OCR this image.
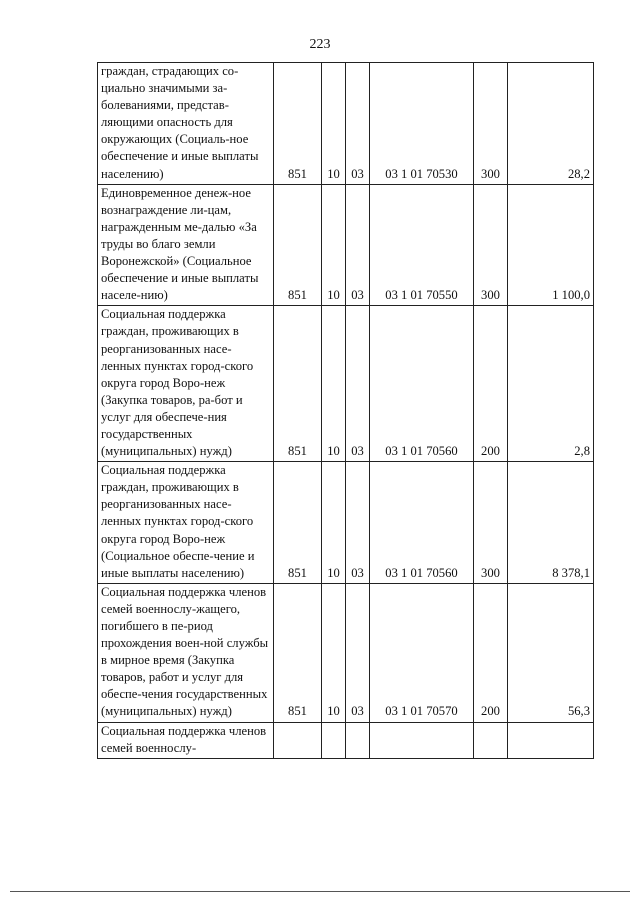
223
граждан, страдающих со-циально значимыми за-болеваниями, представ-ляющими опасность для окружающих (Социаль-ное обеспечение и иные выплаты населению)	851	10	03	03 1 01 70530	300	28,2
Единовременное денеж-ное вознаграждение ли-цам, награжденным ме-далью «За труды во благо земли Воронежской» (Социальное обеспечение и иные выплаты населе-нию)	851	10	03	03 1 01 70550	300	1 100,0
Социальная поддержка граждан, проживающих в реорганизованных насе-ленных пунктах город-ского округа город Воро-неж (Закупка товаров, ра-бот и услуг для обеспече-ния государственных (муниципальных) нужд)	851	10	03	03 1 01 70560	200	2,8
Социальная поддержка граждан, проживающих в реорганизованных насе-ленных пунктах город-ского округа город Воро-неж (Социальное обеспе-чение и иные выплаты населению)	851	10	03	03 1 01 70560	300	8 378,1
Социальная поддержка членов семей военнослу-жащего, погибшего в пе-риод прохождения воен-ной службы в мирное время (Закупка товаров, работ и услуг для обеспе-чения государственных (муниципальных) нужд)	851	10	03	03 1 01 70570	200	56,3
Социальная поддержка членов семей военнослу-						
